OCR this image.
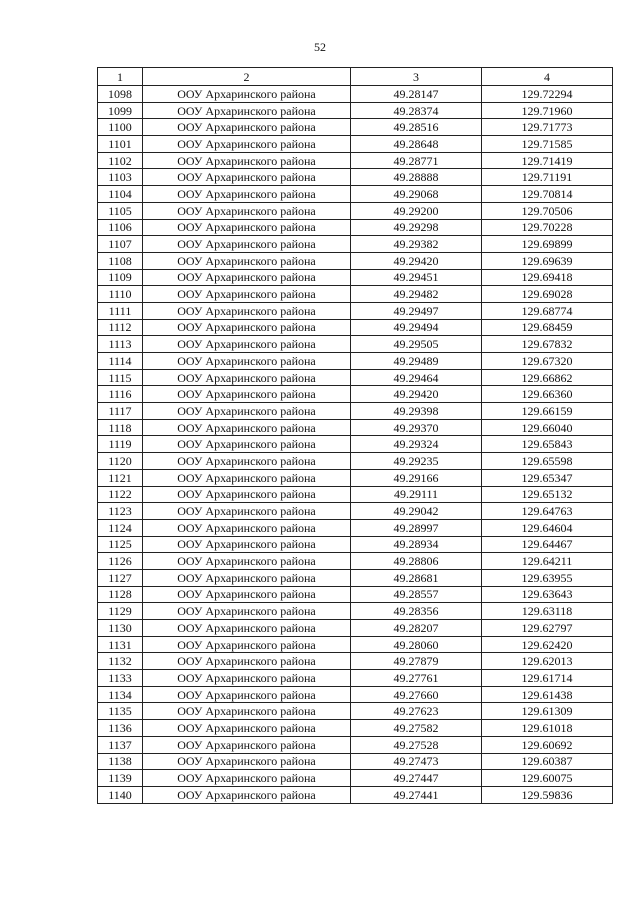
52
1	2	3	4
1098	ООУ Архаринского района	49.28147	129.72294
1099	ООУ Архаринского района	49.28374	129.71960
1100	ООУ Архаринского района	49.28516	129.71773
1101	ООУ Архаринского района	49.28648	129.71585
1102	ООУ Архаринского района	49.28771	129.71419
1103	ООУ Архаринского района	49.28888	129.71191
1104	ООУ Архаринского района	49.29068	129.70814
1105	ООУ Архаринского района	49.29200	129.70506
1106	ООУ Архаринского района	49.29298	129.70228
1107	ООУ Архаринского района	49.29382	129.69899
1108	ООУ Архаринского района	49.29420	129.69639
1109	ООУ Архаринского района	49.29451	129.69418
1110	ООУ Архаринского района	49.29482	129.69028
1111	ООУ Архаринского района	49.29497	129.68774
1112	ООУ Архаринского района	49.29494	129.68459
1113	ООУ Архаринского района	49.29505	129.67832
1114	ООУ Архаринского района	49.29489	129.67320
1115	ООУ Архаринского района	49.29464	129.66862
1116	ООУ Архаринского района	49.29420	129.66360
1117	ООУ Архаринского района	49.29398	129.66159
1118	ООУ Архаринского района	49.29370	129.66040
1119	ООУ Архаринского района	49.29324	129.65843
1120	ООУ Архаринского района	49.29235	129.65598
1121	ООУ Архаринского района	49.29166	129.65347
1122	ООУ Архаринского района	49.29111	129.65132
1123	ООУ Архаринского района	49.29042	129.64763
1124	ООУ Архаринского района	49.28997	129.64604
1125	ООУ Архаринского района	49.28934	129.64467
1126	ООУ Архаринского района	49.28806	129.64211
1127	ООУ Архаринского района	49.28681	129.63955
1128	ООУ Архаринского района	49.28557	129.63643
1129	ООУ Архаринского района	49.28356	129.63118
1130	ООУ Архаринского района	49.28207	129.62797
1131	ООУ Архаринского района	49.28060	129.62420
1132	ООУ Архаринского района	49.27879	129.62013
1133	ООУ Архаринского района	49.27761	129.61714
1134	ООУ Архаринского района	49.27660	129.61438
1135	ООУ Архаринского района	49.27623	129.61309
1136	ООУ Архаринского района	49.27582	129.61018
1137	ООУ Архаринского района	49.27528	129.60692
1138	ООУ Архаринского района	49.27473	129.60387
1139	ООУ Архаринского района	49.27447	129.60075
1140	ООУ Архаринского района	49.27441	129.59836
